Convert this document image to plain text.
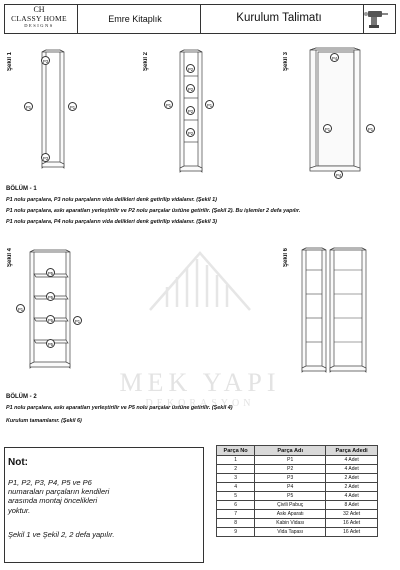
CH
CLASSY HOME
DESIGNS
Emre Kitaplık	Kurulum Talimatı
Şekil 1	Şekil 2	Şekil 3
Şekil 4	Şekil 6
P3
P1	P1
P3
P2
P2
P2
P2
P1	P1
P4
P1	P1
P4
BÖLÜM - 1
P1 nolu parçalara, P3 nolu parçaların vida delikleri denk getirilip vidalanır. (Şekil 1)
P1 nolu parçalara, askı aparatları yerleştirilir ve P2 nolu parçalar üstüne getirilir. (Şekil 2). Bu işlemler 2 defa yapılır.
P1 nolu parçalara, P4 nolu parçaların vida delikleri denk getirilip vidalanır. (Şekil 3)
MEK YAPI
DEKORASYON
P5
P5
P5
P5
P1
P1
BÖLÜM - 2
P1 nolu parçalara, askı aparatları yerleştirilir ve P5 nolu parçalar üstüne getirilir. (Şekil 4)
Kurulum tamamlanır. (Şekil 6)
Not:
P1, P2, P3, P4, P5 ve P6
numaraları parçaların kendileri
arasında montaj öncelikleri
yoktur.
Şekil 1 ve Şekil 2, 2 defa yapılır.
Parça No	Parça Adı	Parça Adedi
1	P1	4 Adet
2	P2	4 Adet
3	P3	2 Adet
4	P4	2 Adet
5	P5	4 Adet
6	Çivili Pabuç	8 Adet
7	Askı Aparatı	32 Adet
8	Kabin Vidası	16 Adet
9	Vida Tapası	16 Adet
